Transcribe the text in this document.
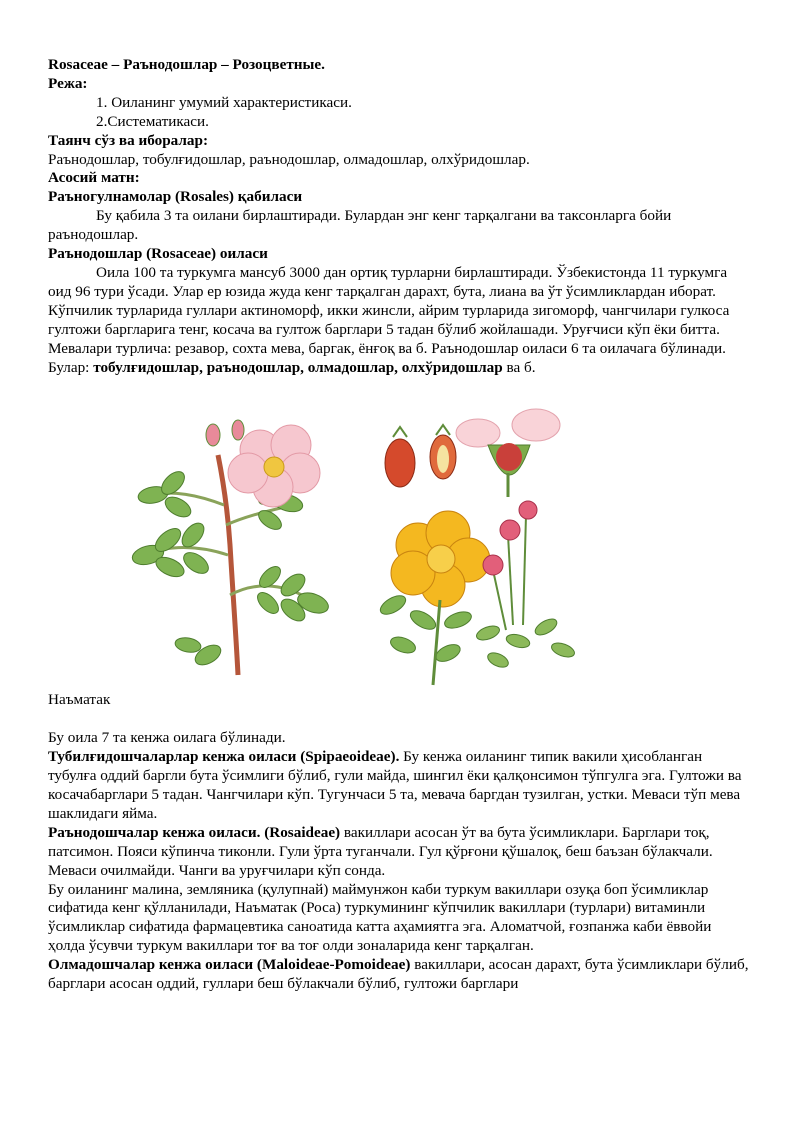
Rosaceae – Раънодошлар – Розоцветные.

Режа:

1. Оиланинг умумий характеристикаси.

2.Систематикаси.

Таянч сўз ва иборалар:

Раънодошлар, тобулғидошлар, раънодошлар, олмадошлар, олхўридошлар.

Асосий матн:

Раъногулнамолар (Rosales) қабиласи

Бу қабила 3 та оилани бирлаштиради. Булардан энг кенг тарқалгани ва таксонларга бойи раънодошлар.

Раънодошлар (Rosaceae) оиласи

Оила 100 та туркумга мансуб 3000 дан ортиқ турларни бирлаштиради. Ўзбекистонда 11 туркумга оид 96 тури ўсади. Улар ер юзида жуда кенг тарқалган дарахт, бута, лиана ва ўт ўсимликлардан иборат. Кўпчилик турларида гуллари актиноморф, икки жинсли, айрим турларида зигоморф, чангчилари гулкоса гултожи баргларига тенг, косача ва гултож барглари 5 тадан бўлиб жойлашади. Уруғчиси кўп ёки битта. Мевалари турлича: резавор, сохта мева, баргак, ёнғоқ ва б. Раънодошлар оиласи 6 та оилачага бўлинади. Булар: тобулғидошлар, раънодошлар, олмадошлар, олхўридошлар ва б.

Наъматак

Бу оила 7 та кенжа оилага бўлинади.

Тубилғидошчаларлар кенжа оиласи (Spipaeoideae). Бу кенжа оиланинг типик вакили ҳисобланган тубулға оддий баргли бута ўсимлиги бўлиб, гули майда, шингил ёки қалқонсимон тўпгулга эга. Гултожи ва косачабарглари 5 тадан. Чангчилари кўп. Тугунчаси 5 та, мевача баргдан тузилган, устки. Меваси тўп мева шаклидаги яйма.

Раънодошчалар кенжа оиласи. (Rosaideae) вакиллари асосан ўт ва бута ўсимликлари. Барглари тоқ, патсимон. Пояси кўпинча тиконли. Гули ўрта туганчали. Гул қўрғони қўшалоқ, беш баъзан бўлакчали. Меваси очилмайди. Чанги ва уруғчилари кўп сонда.

Бу оиланинг малина, земляника (қулупнай) маймунжон каби туркум вакиллари озуқа боп ўсимликлар сифатида кенг қўлланилади, Наъматак (Роса) туркумининг кўпчилик вакиллари (турлари) витаминли ўсимликлар сифатида фармацевтика саноатида катта аҳамиятга эга. Аломатчой, ғозпанжа каби ёввойи ҳолда ўсувчи туркум вакиллари тоғ ва тоғ олди зоналарида кенг тарқалган.

Олмадошчалар кенжа оиласи (Maloideae-Pomoideae) вакиллари, асосан дарахт, бута ўсимликлари бўлиб, барглари асосан оддий, гуллари беш бўлакчали бўлиб, гултожи барглари
